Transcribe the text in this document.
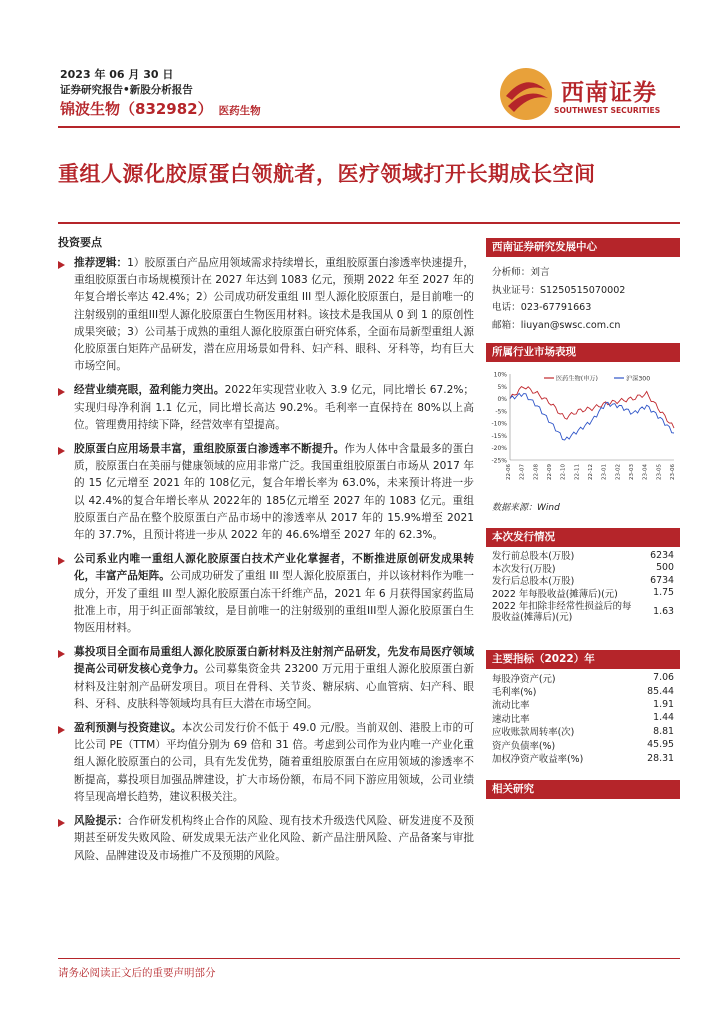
2023 年 06 月 30 日
证券研究报告•新股分析报告
锦波生物（832982） 医药生物
西南证券
SOUTHWEST SECURITIES
重组人源化胶原蛋白领航者，医疗领域打开长期成长空间
投资要点
推荐逻辑：1）胶原蛋白产品应用领域需求持续增长，重组胶原蛋白渗透率快速提升，重组胶原蛋白市场规模预计在 2027 年达到 1083 亿元，预期 2022 年至 2027 年的年复合增长率达 42.4%；2）公司成功研发重组 III 型人源化胶原蛋白，是目前唯一的注射级别的重组III型人源化胶原蛋白生物医用材料。该技术是我国从 0 到 1 的原创性成果突破；3）公司基于成熟的重组人源化胶原蛋白研究体系，全面布局新型重组人源化胶原蛋白矩阵产品研发，潜在应用场景如骨科、妇产科、眼科、牙科等，均有巨大市场空间。
经营业绩亮眼，盈利能力突出。2022年实现营业收入 3.9 亿元，同比增长 67.2%；实现归母净利润 1.1 亿元，同比增长高达 90.2%。毛利率一直保持在 80%以上高位。管理费用持续下降，经营效率有望提高。
胶原蛋白应用场景丰富，重组胶原蛋白渗透率不断提升。作为人体中含量最多的蛋白质，胶原蛋白在美丽与健康领域的应用非常广泛。我国重组胶原蛋白市场从 2017 年的 15 亿元增至 2021 年的 108亿元，复合年增长率为 63.0%，未来预计将进一步以 42.4%的复合年增长率从 2022年的 185亿元增至 2027 年的 1083 亿元。重组胶原蛋白产品在整个胶原蛋白产品市场中的渗透率从 2017 年的 15.9%增至 2021 年的 37.7%，且预计将进一步从 2022 年的 46.6%增至 2027 年的 62.3%。
公司系业内唯一重组人源化胶原蛋白技术产业化掌握者，不断推进原创研发成果转化，丰富产品矩阵。公司成功研发了重组 III 型人源化胶原蛋白，并以该材料作为唯一成分，开发了重组 III 型人源化胶原蛋白冻干纤维产品，2021 年 6 月获得国家药监局批准上市，用于纠正面部皱纹，是目前唯一的注射级别的重组III型人源化胶原蛋白生物医用材料。
募投项目全面布局重组人源化胶原蛋白新材料及注射剂产品研发，先发布局医疗领域提高公司研发核心竞争力。公司募集资金共 23200 万元用于重组人源化胶原蛋白新材料及注射剂产品研发项目。项目在骨科、关节炎、糖尿病、心血管病、妇产科、眼科、牙科、皮肤科等领域均具有巨大潜在市场空间。
盈利预测与投资建议。本次公司发行价不低于 49.0 元/股。当前双创、港股上市的可比公司 PE（TTM）平均值分别为 69 倍和 31 倍。考虑到公司作为业内唯一产业化重组人源化胶原蛋白的公司，具有先发优势，随着重组胶原蛋白在应用领域的渗透率不断提高，募投项目加强品牌建设，扩大市场份额，布局不同下游应用领域，公司业绩将呈现高增长趋势，建议积极关注。
风险提示：合作研发机构终止合作的风险、现有技术升级迭代风险、研发进度不及预期甚至研发失败风险、研发成果无法产业化风险、新产品注册风险、产品备案与审批风险、品牌建设及市场推广不及预期的风险。
西南证券研究发展中心
分析师：刘言
执业证号：S1250515070002
电话：023-67791663
邮箱：liuyan@swsc.com.cn
所属行业市场表现
10%
5%
0%
-5%
-10%
-15%
-20%
-25%
22-06 22-07 22-08 22-09 22-10 22-11 22-12 23-01 23-02 23-03 23-04 23-05 23-06
医药生物(申万)	沪深300
数据来源：Wind
本次发行情况
发行前总股本(万股)	6234
本次发行(万股)	500
发行后总股本(万股)	6734
2022 年每股收益(摊薄后)(元)	1.75
2022 年扣除非经常性损益后的每股收益(摊薄后)(元)	1.63
主要指标（2022）年
每股净资产(元)	7.06
毛利率(%)	85.44
流动比率	1.91
速动比率	1.44
应收账款周转率(次)	8.81
资产负债率(%)	45.95
加权净资产收益率(%)	28.31
相关研究
请务必阅读正文后的重要声明部分
